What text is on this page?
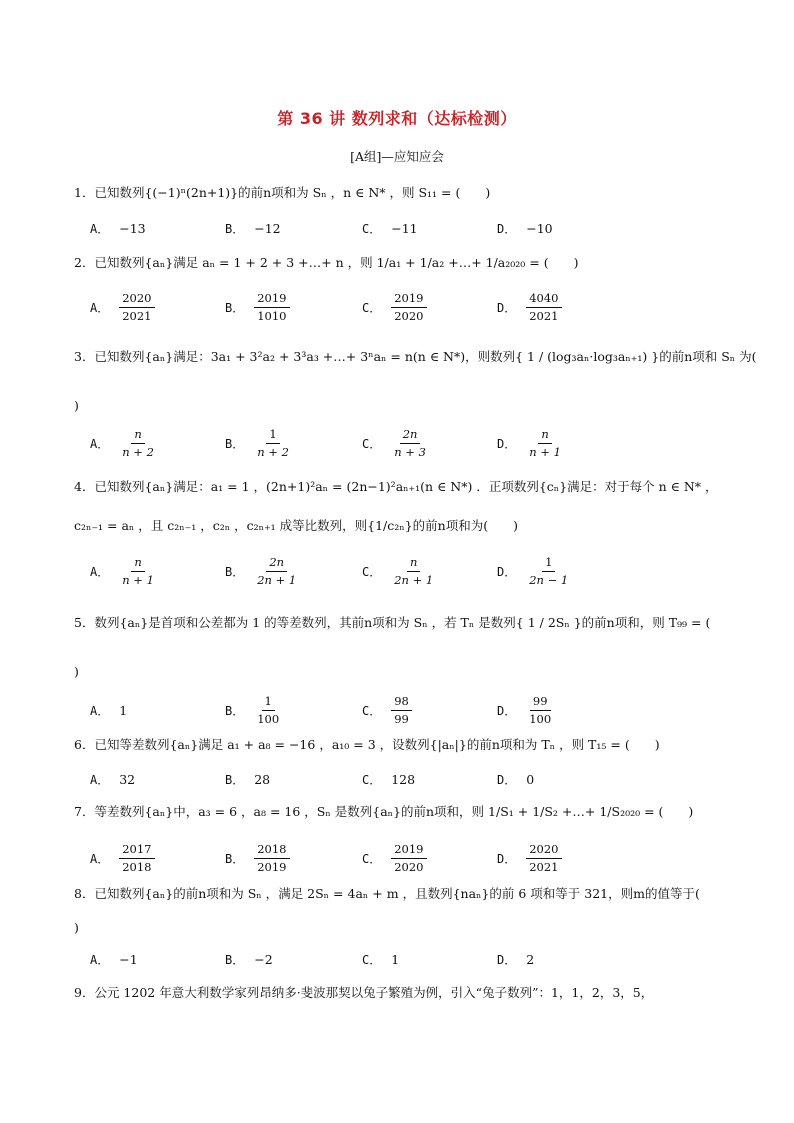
第 36 讲 数列求和（达标检测）
[A组]—应知应会
1．已知数列{(−1)ⁿ(2n+1)}的前n项和为 Sₙ ，n ∈ N* ，则 S₁₁ = (　　)
A． −13	B． −12	C． −11	D． −10
2．已知数列{aₙ}满足 aₙ = 1 + 2 + 3 +…+ n ，则 1/a₁ + 1/a₂ +…+ 1/a₂₀₂₀ = (　　)
A． $\frac{2020}{2021}$	B． $\frac{2019}{1010}$	C． $\frac{2019}{2020}$	D． $\frac{4040}{2021}$
3．已知数列{aₙ}满足：3a₁ + 3²a₂ + 3³a₃ +…+ 3ⁿaₙ = n(n ∈ N*)，则数列{ 1 / (log₃aₙ·log₃aₙ₊₁) }的前n项和 Sₙ 为(
)
A． $\frac{n}{n + 2}$	B． $\frac{1}{n + 2}$	C． $\frac{2n}{n + 3}$	D． $\frac{n}{n + 1}$
4．已知数列{aₙ}满足：a₁ = 1 ，(2n+1)²aₙ = (2n−1)²aₙ₊₁(n ∈ N*) ．正项数列{cₙ}满足：对于每个 n ∈ N* ，
c₂ₙ₋₁ = aₙ ，且 c₂ₙ₋₁ ，c₂ₙ ，c₂ₙ₊₁ 成等比数列，则{1/c₂ₙ}的前n项和为(　　)
A． $\frac{n}{n + 1}$	B． $\frac{2n}{2n + 1}$	C． $\frac{n}{2n + 1}$	D． $\frac{1}{2n - 1}$
5．数列{aₙ}是首项和公差都为 1 的等差数列，其前n项和为 Sₙ ，若 Tₙ 是数列{ 1 / 2Sₙ }的前n项和，则 T₉₉ = (
)
A． 1	B． $\frac{1}{100}$	C． $\frac{98}{99}$	D． $\frac{99}{100}$
6．已知等差数列{aₙ}满足 a₁ + a₈ = −16 ，a₁₀ = 3 ，设数列{|aₙ|}的前n项和为 Tₙ ，则 T₁₅ = (　　)
A． 32	B． 28	C． 128	D． 0
7．等差数列{aₙ}中，a₃ = 6 ，a₈ = 16 ，Sₙ 是数列{aₙ}的前n项和，则 1/S₁ + 1/S₂ +…+ 1/S₂₀₂₀ = (　　)
A． $\frac{2017}{2018}$	B． $\frac{2018}{2019}$	C． $\frac{2019}{2020}$	D． $\frac{2020}{2021}$
8．已知数列{aₙ}的前n项和为 Sₙ ，满足 2Sₙ = 4aₙ + m ，且数列{naₙ}的前 6 项和等于 321，则m的值等于(
)
A． −1	B． −2	C． 1	D． 2
9．公元 1202 年意大利数学家列昂纳多·斐波那契以兔子繁殖为例，引入“兔子数列”：1，1，2，3，5，
